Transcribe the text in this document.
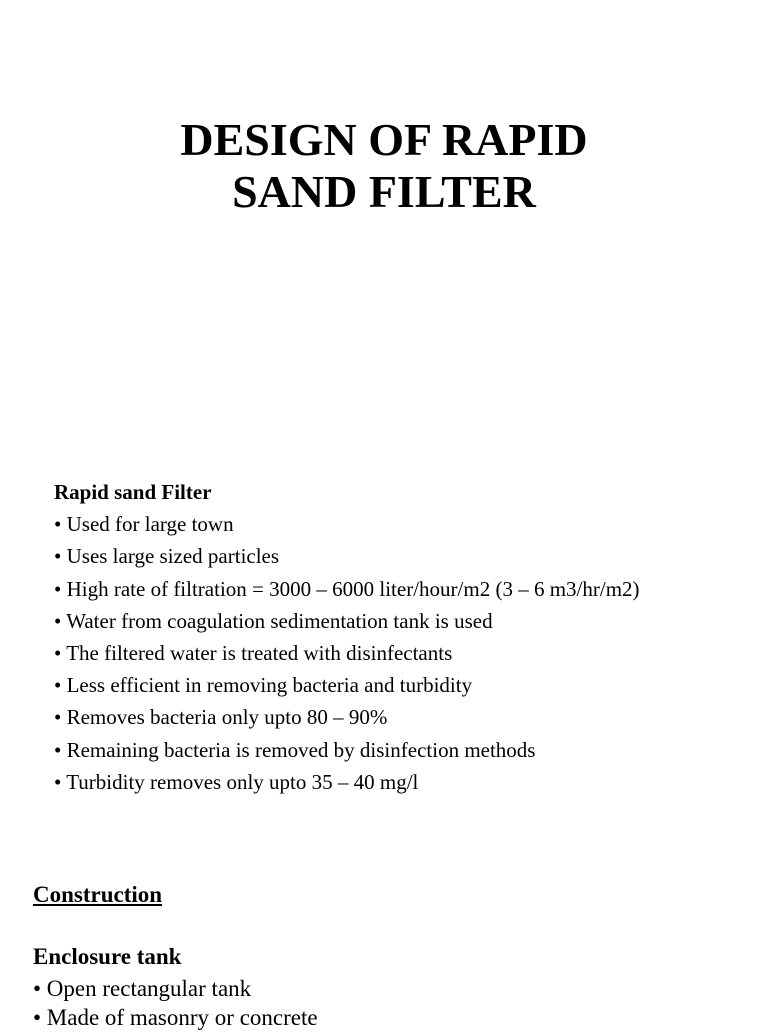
DESIGN OF RAPID
SAND FILTER
Rapid sand Filter
• Used for large town
• Uses large sized particles
• High rate of filtration = 3000 – 6000 liter/hour/m2 (3 – 6 m3/hr/m2)
• Water from coagulation sedimentation tank is used
• The filtered water is treated with disinfectants
• Less efficient in removing bacteria and turbidity
• Removes bacteria only upto 80 – 90%
• Remaining bacteria is removed by disinfection methods
• Turbidity removes only upto 35 – 40 mg/l
Construction
Enclosure tank
• Open rectangular tank
• Made of masonry or concrete
